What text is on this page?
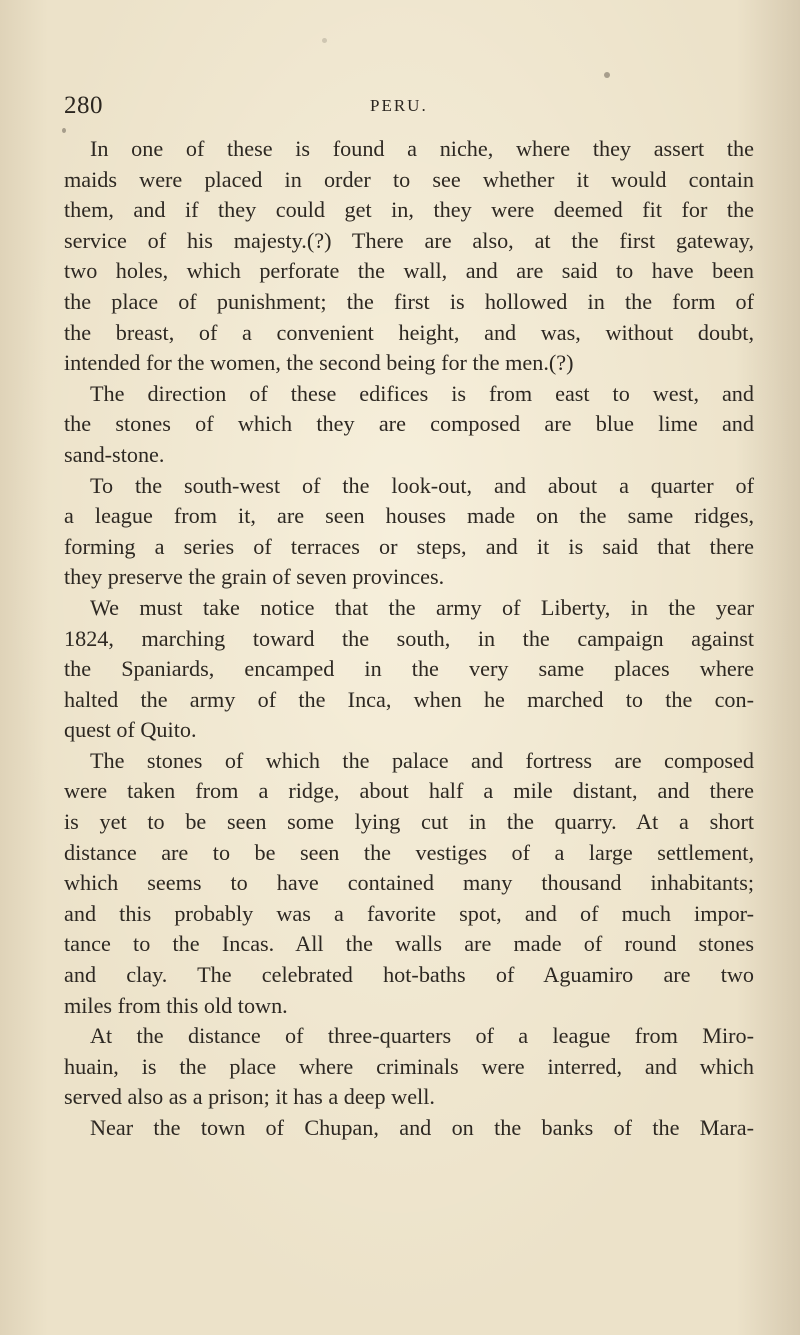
280	PERU.
In one of these is found a niche, where they assert the
maids were placed in order to see whether it would contain
them, and if they could get in, they were deemed fit for the
service of his majesty.(?) There are also, at the first gateway,
two holes, which perforate the wall, and are said to have been
the place of punishment; the first is hollowed in the form of
the breast, of a convenient height, and was, without doubt,
intended for the women, the second being for the men.(?)
The direction of these edifices is from east to west, and
the stones of which they are composed are blue lime and
sand-stone.
To the south-west of the look-out, and about a quarter of
a league from it, are seen houses made on the same ridges,
forming a series of terraces or steps, and it is said that there
they preserve the grain of seven provinces.
We must take notice that the army of Liberty, in the year
1824, marching toward the south, in the campaign against
the Spaniards, encamped in the very same places where
halted the army of the Inca, when he marched to the con-
quest of Quito.
The stones of which the palace and fortress are composed
were taken from a ridge, about half a mile distant, and there
is yet to be seen some lying cut in the quarry. At a short
distance are to be seen the vestiges of a large settlement,
which seems to have contained many thousand inhabitants;
and this probably was a favorite spot, and of much impor-
tance to the Incas. All the walls are made of round stones
and clay. The celebrated hot-baths of Aguamiro are two
miles from this old town.
At the distance of three-quarters of a league from Miro-
huain, is the place where criminals were interred, and which
served also as a prison; it has a deep well.
Near the town of Chupan, and on the banks of the Mara-
